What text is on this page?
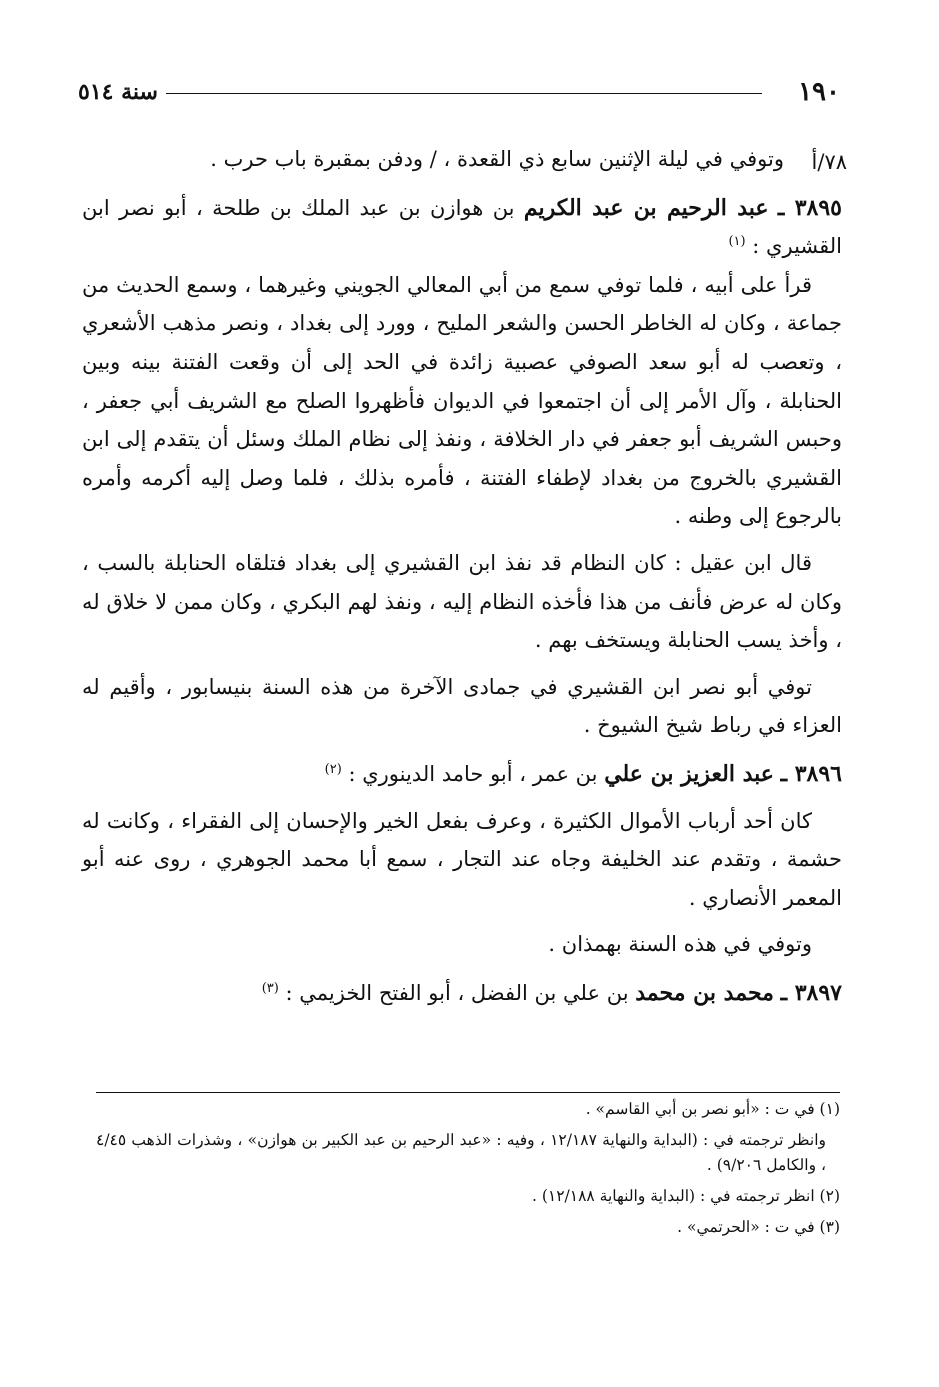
١٩٠
سنة ٥١٤
٧٨/أ

وتوفي في ليلة الإثنين سابع ذي القعدة ، / ودفن بمقبرة باب حرب .

٣٨٩٥ ـ عبد الرحيم بن عبد الكريم بن هوازن بن عبد الملك بن طلحة ، أبو نصر ابن القشيري : $^{(١)}$

قرأ على أبيه ، فلما توفي سمع من أبي المعالي الجويني وغيرهما ، وسمع الحديث من جماعة ، وكان له الخاطر الحسن والشعر المليح ، وورد إلى بغداد ، ونصر مذهب الأشعري ، وتعصب له أبو سعد الصوفي عصبية زائدة في الحد إلى أن وقعت الفتنة بينه وبين الحنابلة ، وآل الأمر إلى أن اجتمعوا في الديوان فأظهروا الصلح مع الشريف أبي جعفر ، وحبس الشريف أبو جعفر في دار الخلافة ، ونفذ إلى نظام الملك وسئل أن يتقدم إلى ابن القشيري بالخروج من بغداد لإطفاء الفتنة ، فأمره بذلك ، فلما وصل إليه أكرمه وأمره بالرجوع إلى وطنه .

قال ابن عقيل : كان النظام قد نفذ ابن القشيري إلى بغداد فتلقاه الحنابلة بالسب ، وكان له عرض فأنف من هذا فأخذه النظام إليه ، ونفذ لهم البكري ، وكان ممن لا خلاق له ، وأخذ يسب الحنابلة ويستخف بهم .

توفي أبو نصر ابن القشيري في جمادى الآخرة من هذه السنة بنيسابور ، وأقيم له العزاء في رباط شيخ الشيوخ .

٣٨٩٦ ـ عبد العزيز بن علي بن عمر ، أبو حامد الدينوري : $^{(٢)}$

كان أحد أرباب الأموال الكثيرة ، وعرف بفعل الخير والإحسان إلى الفقراء ، وكانت له حشمة ، وتقدم عند الخليفة وجاه عند التجار ، سمع أبا محمد الجوهري ، روى عنه أبو المعمر الأنصاري .

وتوفي في هذه السنة بهمذان .

٣٨٩٧ ـ محمد بن محمد بن علي بن الفضل ، أبو الفتح الخزيمي : $^{(٣)}$

(١) في ت : «أبو نصر بن أبي القاسم» .

وانظر ترجمته في : (البداية والنهاية ١٢/١٨٧ ، وفيه : «عبد الرحيم بن عبد الكبير بن هوازن» ، وشذرات الذهب ٤/٤٥ ، والكامل ٩/٢٠٦) .

(٢) انظر ترجمته في : (البداية والنهاية ١٢/١٨٨) .

(٣) في ت : «الحرتمي» .
